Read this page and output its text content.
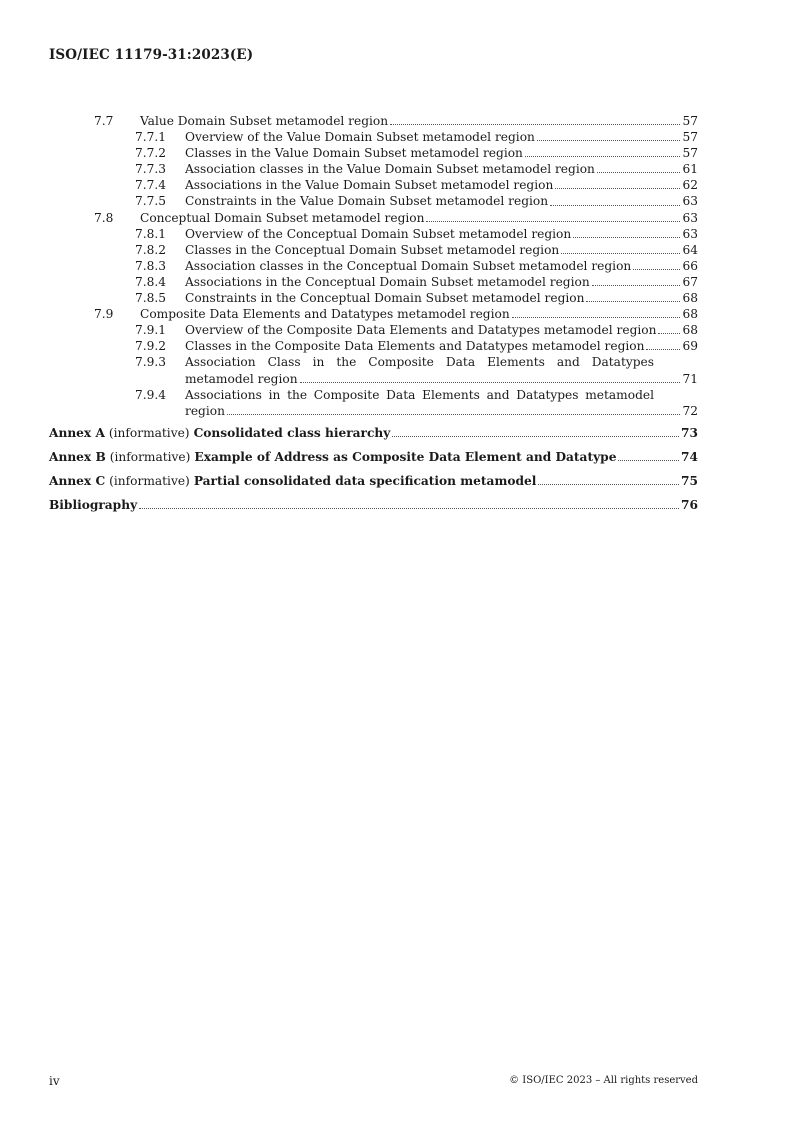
ISO/IEC 11179-31:2023(E)
7.7	Value Domain Subset metamodel region	57
7.7.1	Overview of the Value Domain Subset metamodel region	57
7.7.2	Classes in the Value Domain Subset metamodel region	57
7.7.3	Association classes in the Value Domain Subset metamodel region	61
7.7.4	Associations in the Value Domain Subset metamodel region	62
7.7.5	Constraints in the Value Domain Subset metamodel region	63
7.8	Conceptual Domain Subset metamodel region	63
7.8.1	Overview of the Conceptual Domain Subset metamodel region	63
7.8.2	Classes in the Conceptual Domain Subset metamodel region	64
7.8.3	Association classes in the Conceptual Domain Subset metamodel region	66
7.8.4	Associations in the Conceptual Domain Subset metamodel region	67
7.8.5	Constraints in the Conceptual Domain Subset metamodel region	68
7.9	Composite Data Elements and Datatypes metamodel region	68
7.9.1	Overview of the Composite Data Elements and Datatypes metamodel region 68
7.9.2	Classes in the Composite Data Elements and Datatypes metamodel region	69
7.9.3	Association Class in the Composite Data Elements and Datatypes
metamodel region	71
7.9.4	Associations in the Composite Data Elements and Datatypes metamodel
region	72
Annex A (informative) Consolidated class hierarchy	73
Annex B (informative) Example of Address as Composite Data Element and Datatype	74
Annex C (informative) Partial consolidated data specification metamodel	75
Bibliography	76
iv	© ISO/IEC 2023 – All rights reserved
